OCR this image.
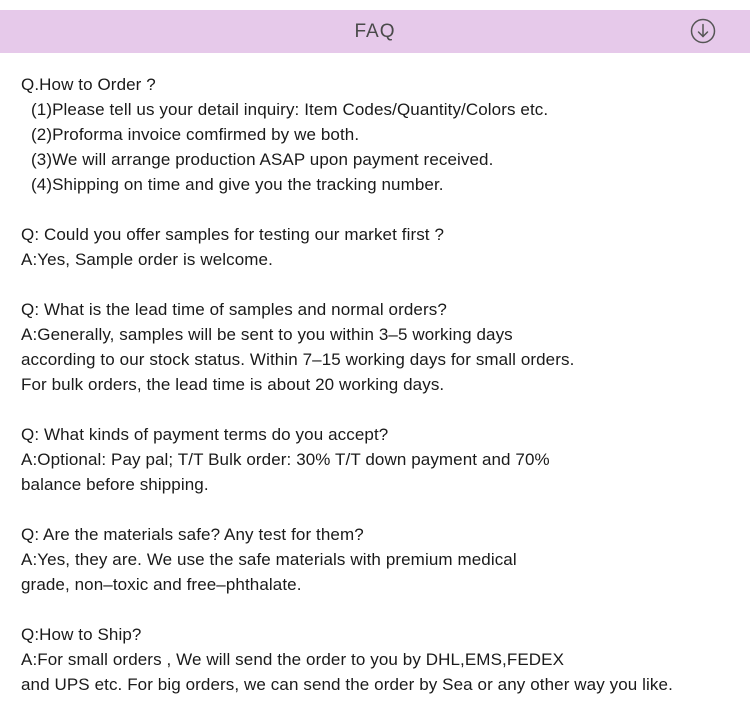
FAQ
Q.How to Order ?
(1)Please tell us your detail inquiry: Item Codes/Quantity/Colors etc.
(2)Proforma invoice comfirmed by we both.
(3)We will arrange production ASAP upon payment received.
(4)Shipping on time and give you the tracking number.
Q: Could you offer samples for testing our market first ?
A:Yes, Sample order is welcome.
Q: What is the lead time of samples and normal orders?
A:Generally, samples will be sent to you within 3–5 working days
according to our stock status. Within 7–15 working days for small orders.
For bulk orders, the lead time is about 20 working days.
Q: What kinds of payment terms do you accept?
A:Optional: Pay pal; T/T Bulk order: 30% T/T down payment and 70%
balance before shipping.
Q: Are the materials safe? Any test for them?
A:Yes, they are. We use the safe materials with premium medical
grade, non–toxic and free–phthalate.
Q:How to Ship?
A:For small orders , We will send the order to you by DHL,EMS,FEDEX
and UPS etc. For big orders, we can send the order by Sea or any other way you like.
